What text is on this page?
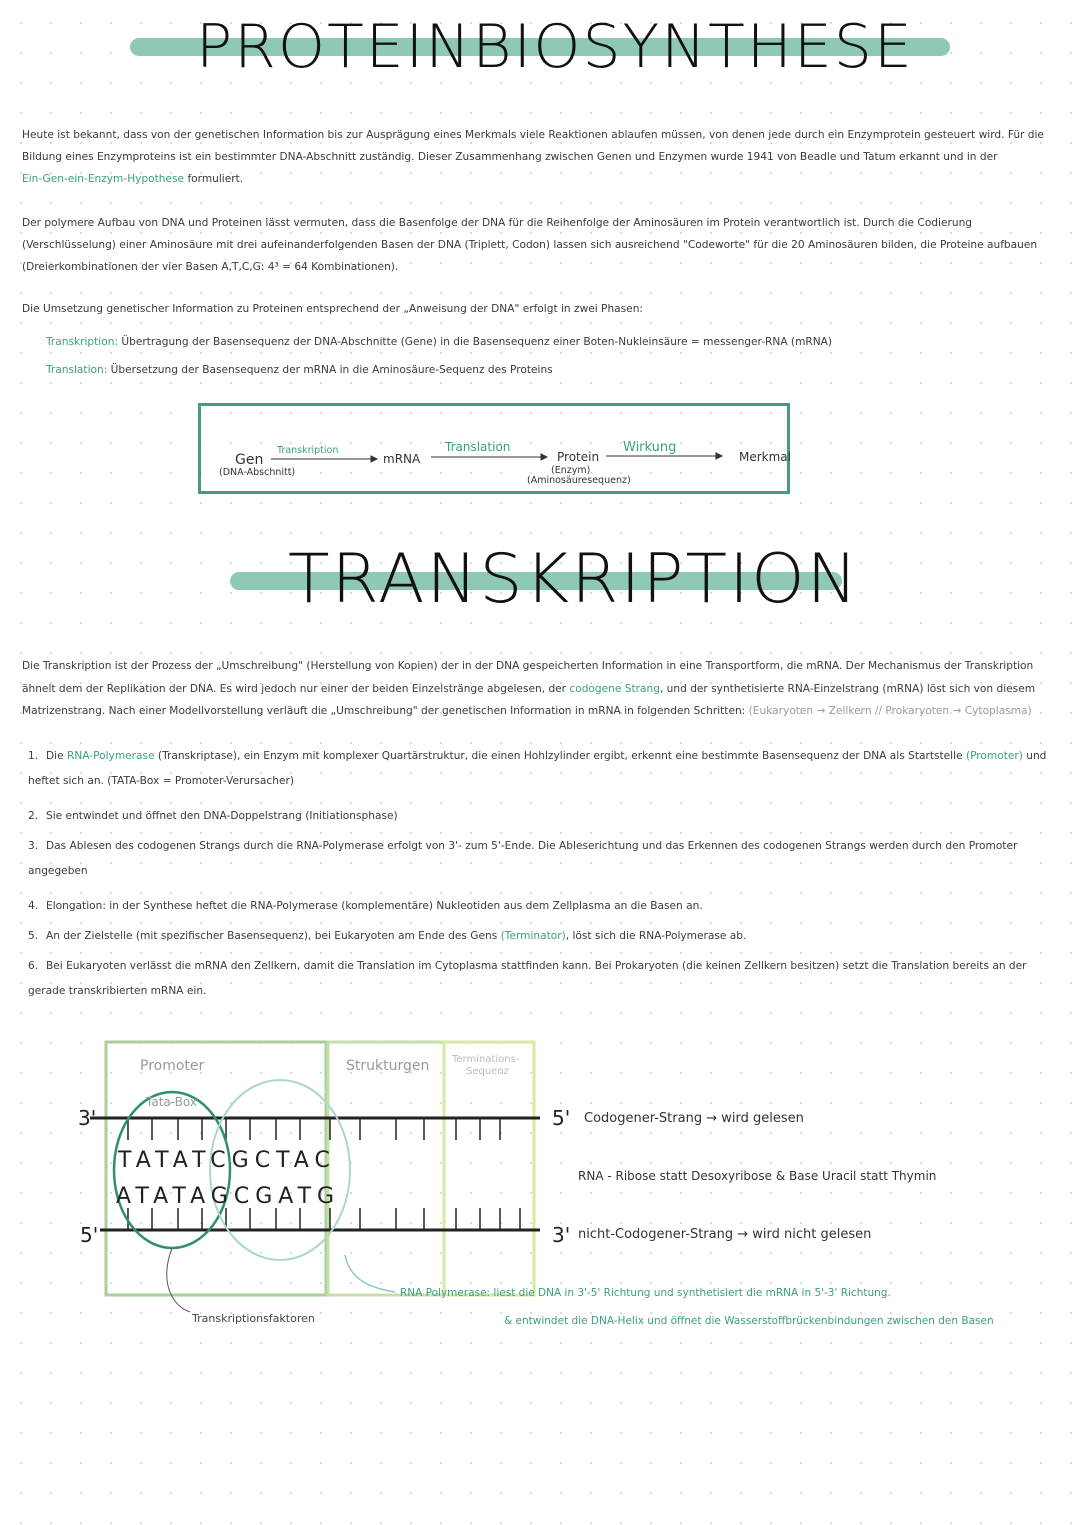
PROTEINBIOSYNTHESE

Heute ist bekannt, dass von der genetischen Information bis zur Ausprägung eines Merkmals viele Reaktionen ablaufen müssen, von denen jede durch ein Enzymprotein gesteuert wird. Für die Bildung eines Enzymproteins ist ein bestimmter DNA-Abschnitt zuständig. Dieser Zusammenhang zwischen Genen und Enzymen wurde 1941 von Beadle und Tatum erkannt und in der
Ein-Gen-ein-Enzym-Hypothese formuliert.

Der polymere Aufbau von DNA und Proteinen lässt vermuten, dass die Basenfolge der DNA für die Reihenfolge der Aminosäuren im Protein verantwortlich ist. Durch die Codierung (Verschlüsselung) einer Aminosäure mit drei aufeinanderfolgenden Basen der DNA (Triplett, Codon) lassen sich ausreichend "Codeworte" für die 20 Aminosäuren bilden, die Proteine aufbauen (Dreierkombinationen der vier Basen A,T,C,G: 4³ = 64 Kombinationen).

Die Umsetzung genetischer Information zu Proteinen entsprechend der „Anweisung der DNA" erfolgt in zwei Phasen:

Transkription: Übertragung der Basensequenz der DNA-Abschnitte (Gene) in die Basensequenz einer Boten-Nukleinsäure = messenger-RNA (mRNA)

Translation: Übersetzung der Basensequenz der mRNA in die Aminosäure-Sequenz des Proteins

Gen
(DNA-Abschnitt)
Transkription
mRNA
Translation
Protein
(Enzym)
(Aminosäuresequenz)
Wirkung
Merkmal
TRANSKRIPTION

Die Transkription ist der Prozess der „Umschreibung" (Herstellung von Kopien) der in der DNA gespeicherten Information in eine Transportform, die mRNA. Der Mechanismus der Transkription ähnelt dem der Replikation der DNA. Es wird jedoch nur einer der beiden Einzelstränge abgelesen, der codogene Strang, und der synthetisierte RNA-Einzelstrang (mRNA) löst sich von diesem Matrizenstrang. Nach einer Modellvorstellung verläuft die „Umschreibung" der genetischen Information in mRNA in folgenden Schritten: (Eukaryoten → Zellkern // Prokaryoten → Cytoplasma)

1. Die RNA-Polymerase (Transkriptase), ein Enzym mit komplexer Quartärstruktur, die einen Hohlzylinder ergibt, erkennt eine bestimmte Basensequenz der DNA als Startstelle (Promoter) und heftet sich an. (TATA-Box = Promoter-Verursacher)

2. Sie entwindet und öffnet den DNA-Doppelstrang (Initiationsphase)

3. Das Ablesen des codogenen Strangs durch die RNA-Polymerase erfolgt von 3'- zum 5'-Ende. Die Ableserichtung und das Erkennen des codogenen Strangs werden durch den Promoter angegeben

4. Elongation: in der Synthese heftet die RNA-Polymerase (komplementäre) Nukleotiden aus dem Zellplasma an die Basen an.

5. An der Zielstelle (mit spezifischer Basensequenz), bei Eukaryoten am Ende des Gens (Terminator), löst sich die RNA-Polymerase ab.

6. Bei Eukaryoten verlässt die mRNA den Zellkern, damit die Translation im Cytoplasma stattfinden kann. Bei Prokaryoten (die keinen Zellkern besitzen) setzt die Translation bereits an der gerade transkribierten mRNA ein.

3'
5'
Promoter
Tata-Box
Strukturgen Terminations-
Sequenz
TATATCGCTAC
ATATAGCGATG
5' Codogener-Strang → wird gelesen
RNA - Ribose statt Desoxyribose & Base Uracil statt Thymin
3' nicht-Codogener-Strang → wird nicht gelesen
Transkriptionsfaktoren
RNA Polymerase: liest die DNA in 3'-5' Richtung und synthetisiert die mRNA in 5'-3' Richtung.
& entwindet die DNA-Helix und öffnet die Wasserstoffbrückenbindungen zwischen den Basen
